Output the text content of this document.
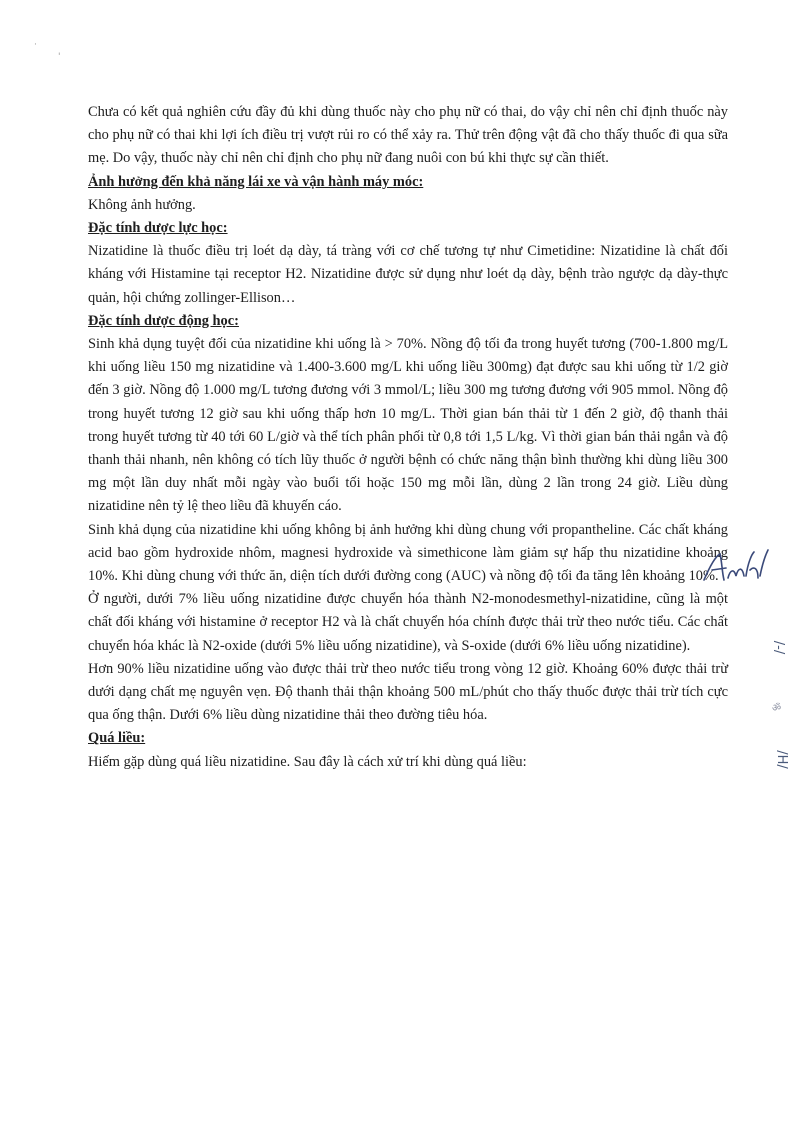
·
'

Chưa có kết quả nghiên cứu đầy đủ khi dùng thuốc này cho phụ nữ có thai, do vậy chỉ nên chỉ định thuốc này cho phụ nữ có thai khi lợi ích điều trị vượt rủi ro có thể xảy ra. Thử trên động vật đã cho thấy thuốc đi qua sữa mẹ. Do vậy, thuốc này chỉ nên chỉ định cho phụ nữ đang nuôi con bú khi thực sự cần thiết.

Ảnh hưởng đến khả năng lái xe và vận hành máy móc:

Không ảnh hưởng.

Đặc tính dược lực học:

Nizatidine là thuốc điều trị loét dạ dày, tá tràng với cơ chế tương tự như Cimetidine: Nizatidine là chất đối kháng với Histamine tại receptor H2. Nizatidine được sử dụng như loét dạ dày, bệnh trào ngược dạ dày-thực quản, hội chứng zollinger-Ellison…

Đặc tính dược động học:

Sinh khả dụng tuyệt đối của nizatidine khi uống là > 70%. Nồng độ tối đa trong huyết tương (700-1.800 mg/L khi uống liều 150 mg nizatidine và 1.400-3.600 mg/L khi uống liều 300mg) đạt được sau khi uống từ 1/2 giờ đến 3 giờ. Nồng độ 1.000 mg/L tương đương với 3 mmol/L; liều 300 mg tương đương với 905 mmol. Nồng độ trong huyết tương 12 giờ sau khi uống thấp hơn 10 mg/L. Thời gian bán thải từ 1 đến 2 giờ, độ thanh thải trong huyết tương từ 40 tới 60 L/giờ và thể tích phân phối từ 0,8 tới 1,5 L/kg. Vì thời gian bán thải ngắn và độ thanh thải nhanh, nên không có tích lũy thuốc ở người bệnh có chức năng thận bình thường khi dùng liều 300 mg một lần duy nhất mỗi ngày vào buổi tối hoặc 150 mg mỗi lần, dùng 2 lần trong 24 giờ. Liều dùng nizatidine nên tỷ lệ theo liều đã khuyến cáo.

Sinh khả dụng của nizatidine khi uống không bị ảnh hưởng khi dùng chung với propantheline. Các chất kháng acid bao gồm hydroxide nhôm, magnesi hydroxide và simethicone làm giảm sự hấp thu nizatidine khoảng 10%. Khi dùng chung với thức ăn, diện tích dưới đường cong (AUC) và nồng độ tối đa tăng lên khoảng 10%.

Ở người, dưới 7% liều uống nizatidine được chuyển hóa thành N2-monodesmethyl-nizatidine, cũng là một chất đối kháng với histamine ở receptor H2 và là chất chuyển hóa chính được thải trừ theo nước tiểu. Các chất chuyển hóa khác là N2-oxide (dưới 5% liều uống nizatidine), và S-oxide (dưới 6% liều uống nizatidine).

Hơn 90% liều nizatidine uống vào được thải trừ theo nước tiểu trong vòng 12 giờ. Khoảng 60% được thải trừ dưới dạng chất mẹ nguyên vẹn. Độ thanh thải thận khoảng 500 mL/phút cho thấy thuốc được thải trừ tích cực qua ống thận. Dưới 6% liều dùng nizatidine thải theo đường tiêu hóa.

Quá liều:

Hiếm gặp dùng quá liều nizatidine. Sau đây là cách xử trí khi dùng quá liều:

/-/
ॐ
/H/
